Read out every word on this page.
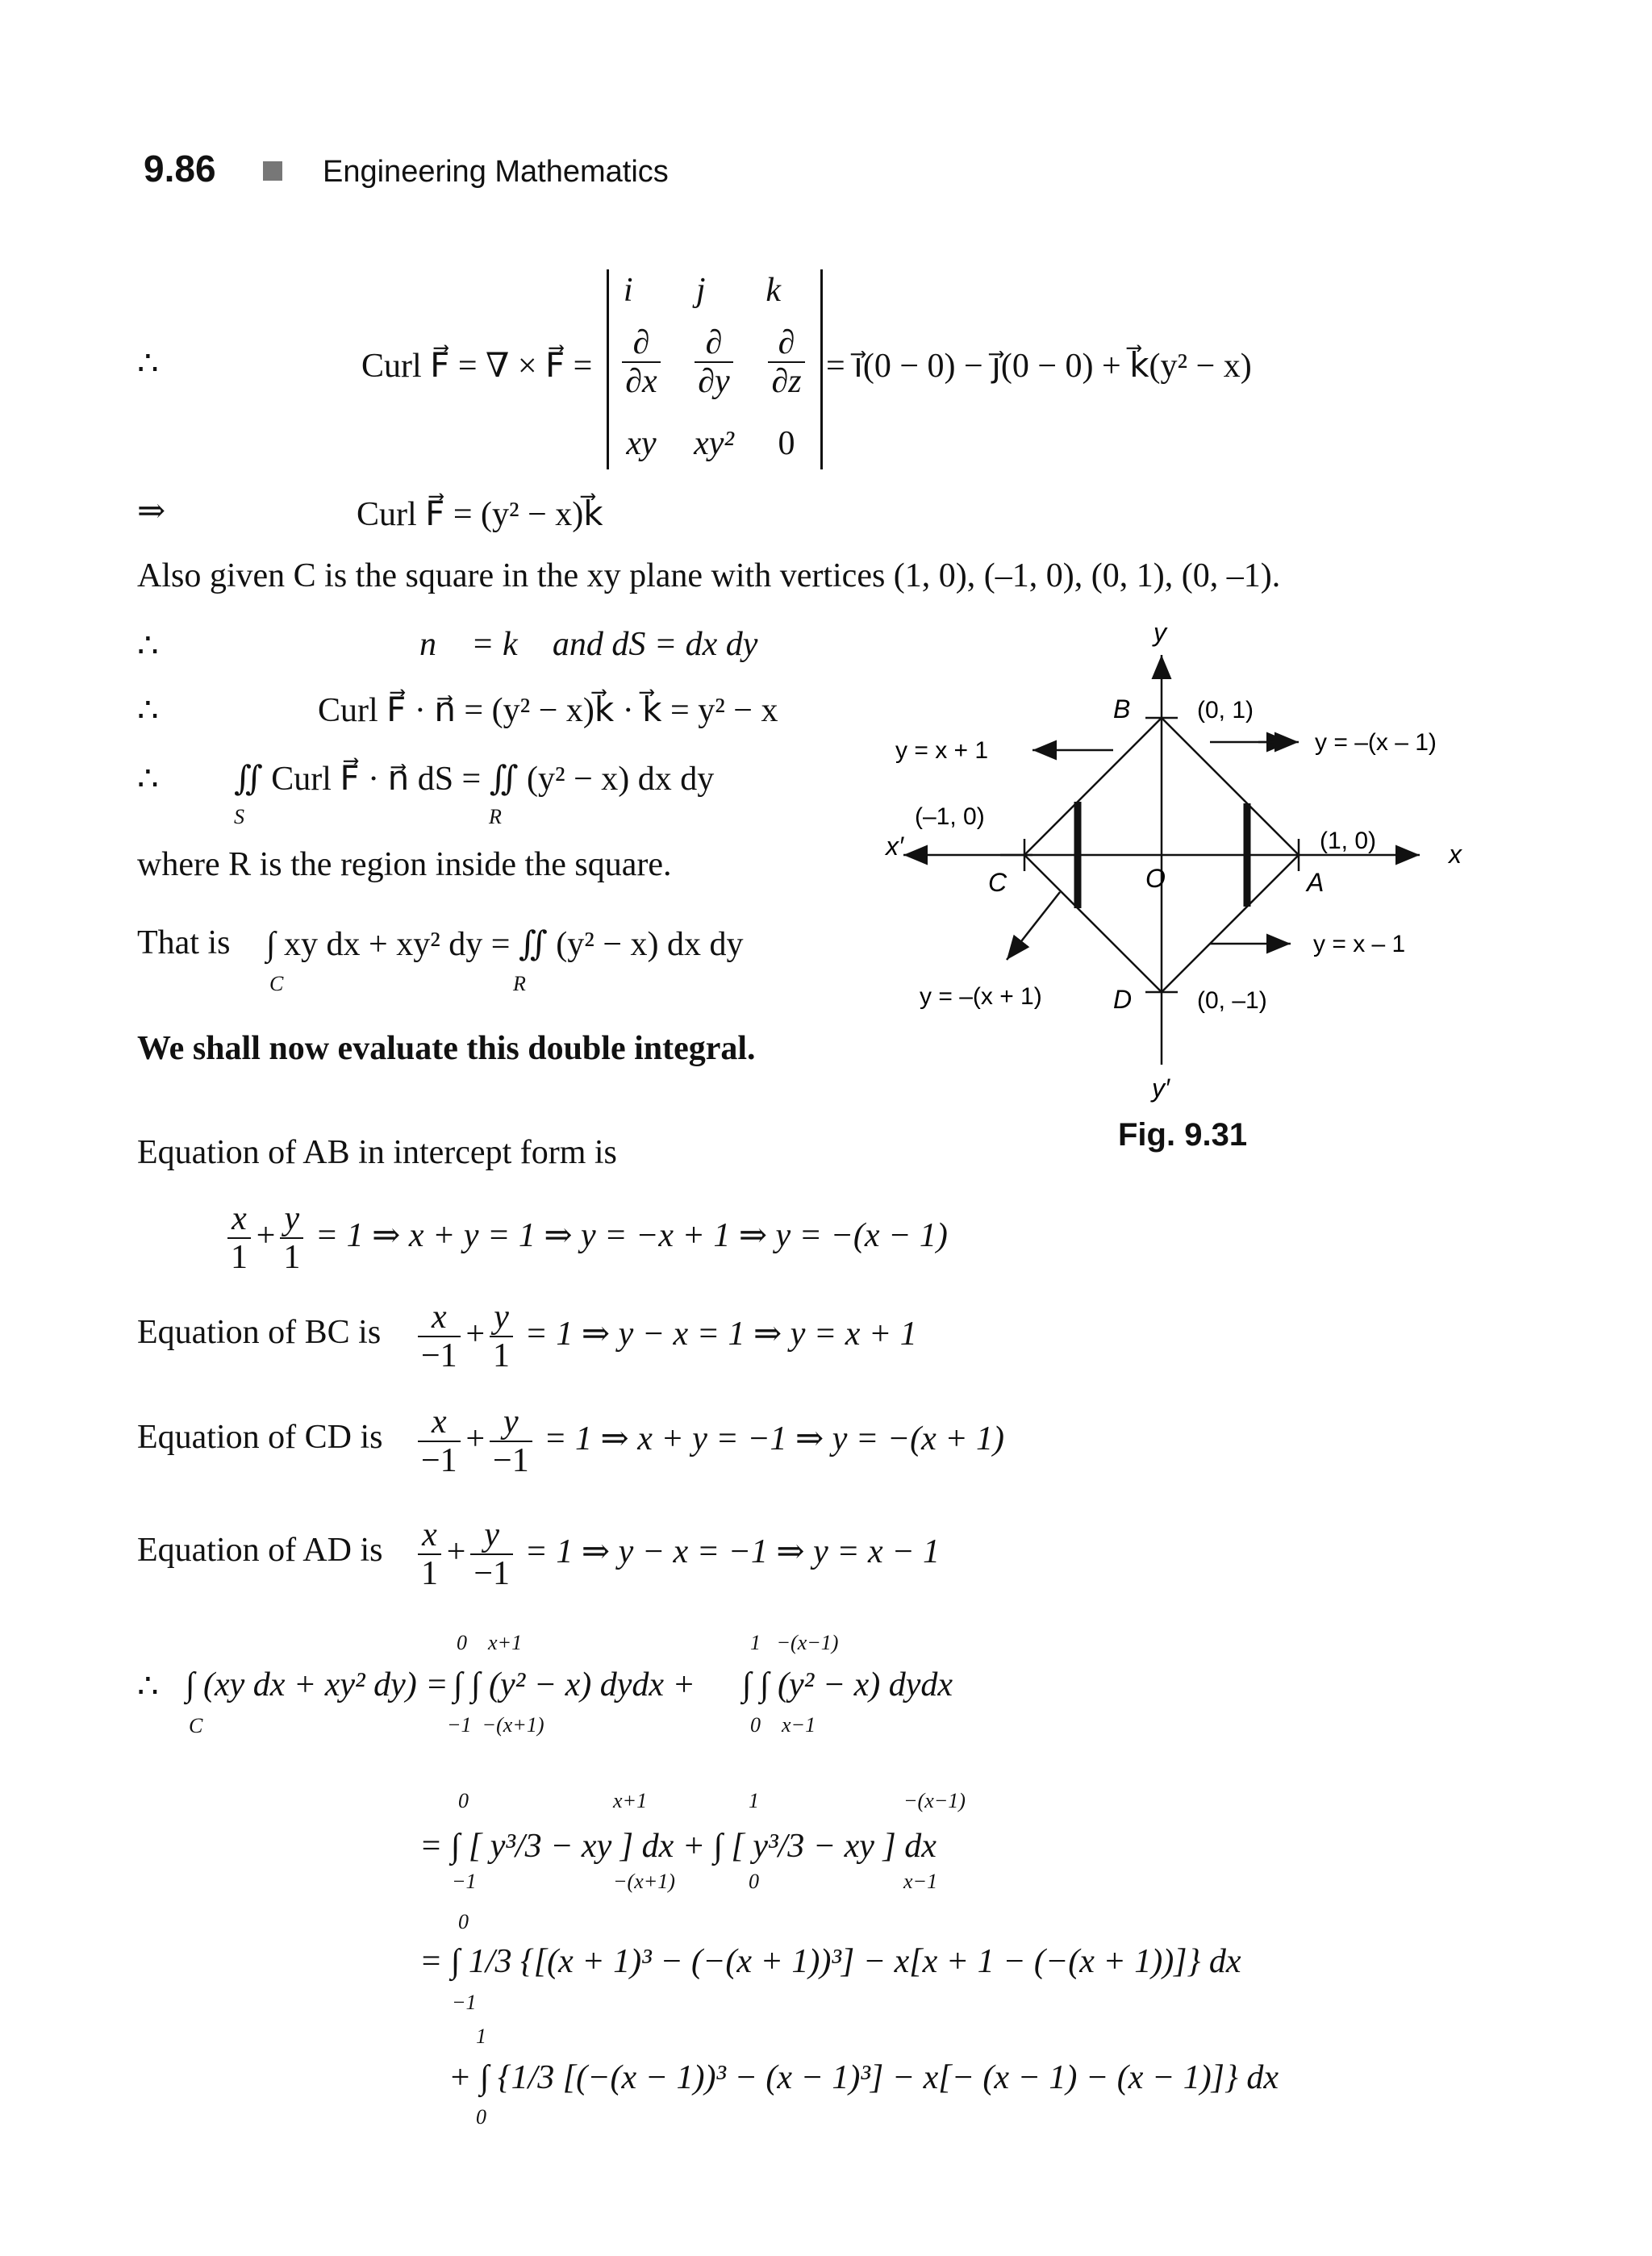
9.86	Engineering Mathematics
∴	Curl F⃗ = ∇ × F⃗ =
i⃗	j⃗	k⃗
$\frac{\partial}{\partial x} \frac{\partial}{\partial y} \frac{\partial}{\partial z}$
xy	xy²	0
= i⃗(0 − 0) − j⃗(0 − 0) + k⃗(y² − x)
⇒	Curl F⃗ = (y² − x)k⃗
Also given C is the square in the xy plane with vertices (1, 0), (–1, 0), (0, 1), (0, –1).
∴	n⃗ = k⃗ and dS = dx dy
∴	Curl F⃗ · n⃗ = (y² − x)k⃗ · k⃗ = y² − x
∴ ∬ Curl F⃗ · n⃗ dS = ∬ (y² − x) dx dy
S	R
where R is the region inside the square.
That is ∫ xy dx + xy² dy = ∬ (y² − x) dx dy
C	R
We shall now evaluate this double integral.
Equation of AB in intercept form is
$\frac{x}{1} + \frac{y}{1} = 1$ ⇒ x + y = 1 ⇒ y = −x + 1 ⇒ y = −(x − 1)
Equation of BC is $\frac{x}{-1} + \frac{y}{1} = 1$ ⇒ y − x = 1 ⇒ y = x + 1
Equation of CD is $\frac{x}{-1} + \frac{y}{-1} = 1$ ⇒ x + y = −1 ⇒ y = −(x + 1)
Equation of AD is $\frac{x}{1} + \frac{y}{-1} = 1$ ⇒ y − x = −1 ⇒ y = x − 1
∴ ∫ (xy dx + xy² dy) =
C
0    x+1
−1  −(x+1)
∫ ∫ (y² − x) dydx +
1   −(x−1)
0    x−1
∫ ∫ (y² − x) dydx
0
−1
x+1
−(x+1)
= ∫ [ y³/3 − xy ] dx + ∫ [ y³/3 − xy ] dx
1
0
−(x−1)
x−1
0
−1
= ∫ 1/3 {[(x + 1)³ − (−(x + 1))³] − x[x + 1 − (−(x + 1))]} dx
1
0
+ ∫ {1/3 [(−(x − 1))³ − (x − 1)³] − x[− (x − 1) − (x − 1)]} dx
y
y′
x
x′
B
C	O	A
D
(0, 1)
(–1, 0)
(1, 0)
(0, –1)
y = x + 1	y = –(x – 1)
y = –(x + 1)
y = x – 1
Fig. 9.31
